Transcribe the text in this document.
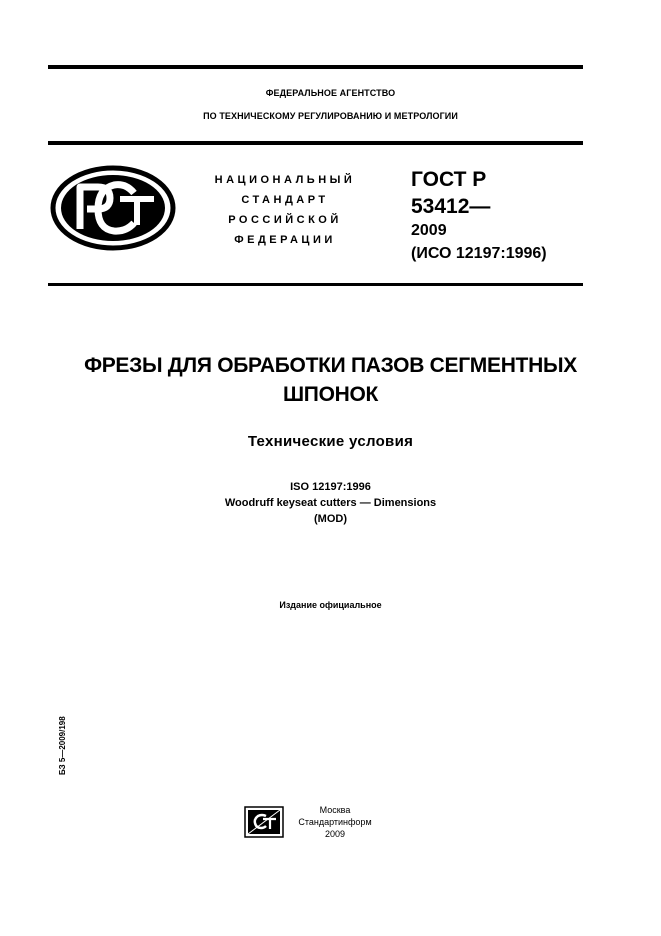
ФЕДЕРАЛЬНОЕ АГЕНТСТВО
ПО ТЕХНИЧЕСКОМУ РЕГУЛИРОВАНИЮ И МЕТРОЛОГИИ
НАЦИОНАЛЬНЫЙ
СТАНДАРТ
РОССИЙСКОЙ
ФЕДЕРАЦИИ
ГОСТ Р
53412—
2009
(ИСО 12197:1996)
ФРЕЗЫ ДЛЯ ОБРАБОТКИ ПАЗОВ СЕГМЕНТНЫХ
ШПОНОК
Технические условия
ISO 12197:1996
Woodruff keyseat cutters — Dimensions
(MOD)
Издание официальное
БЗ 5—2009/198
Москва
Стандартинформ
2009
